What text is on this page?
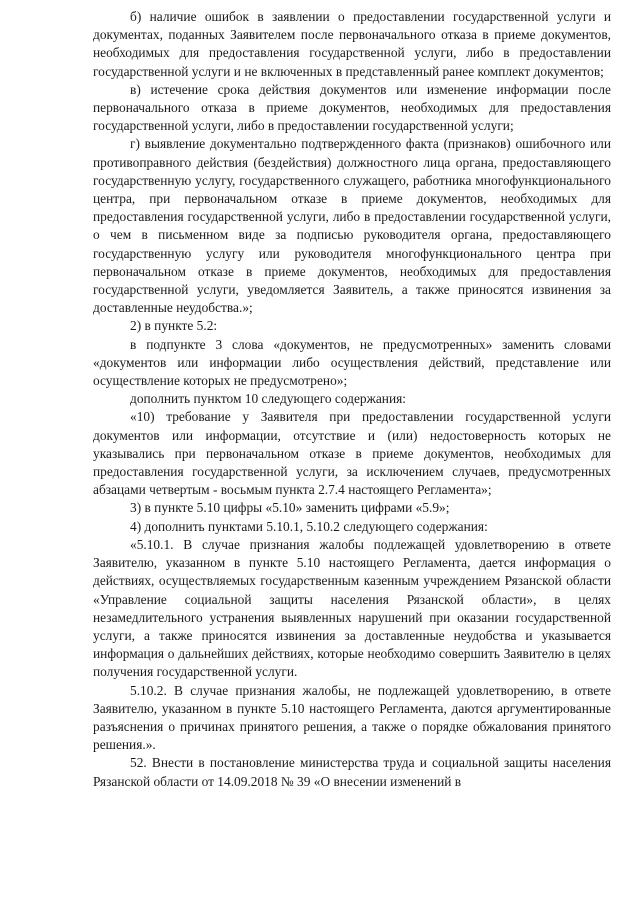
б) наличие ошибок в заявлении о предоставлении государственной услуги и документах, поданных Заявителем после первоначального отказа в приеме документов, необходимых для предоставления государственной услуги, либо в предоставлении государственной услуги и не включенных в представленный ранее комплект документов;

в) истечение срока действия документов или изменение информации после первоначального отказа в приеме документов, необходимых для предоставления государственной услуги, либо в предоставлении государственной услуги;

г) выявление документально подтвержденного факта (признаков) ошибочного или противоправного действия (бездействия) должностного лица органа, предоставляющего государственную услугу, государственного служащего, работника многофункционального центра, при первоначальном отказе в приеме документов, необходимых для предоставления государственной услуги, либо в предоставлении государственной услуги, о чем в письменном виде за подписью руководителя органа, предоставляющего государственную услугу или руководителя многофункционального центра при первоначальном отказе в приеме документов, необходимых для предоставления государственной услуги, уведомляется Заявитель, а также приносятся извинения за доставленные неудобства.»;

2) в пункте 5.2:

в подпункте 3 слова «документов, не предусмотренных» заменить словами «документов или информации либо осуществления действий, представление или осуществление которых не предусмотрено»;

дополнить пунктом 10 следующего содержания:

«10) требование у Заявителя при предоставлении государственной услуги документов или информации, отсутствие и (или) недостоверность которых не указывались при первоначальном отказе в приеме документов, необходимых для предоставления государственной услуги, за исключением случаев, предусмотренных абзацами четвертым - восьмым пункта 2.7.4 настоящего Регламента»;

3) в пункте 5.10 цифры «5.10» заменить цифрами «5.9»;

4) дополнить пунктами 5.10.1, 5.10.2 следующего содержания:

«5.10.1. В случае признания жалобы подлежащей удовлетворению в ответе Заявителю, указанном в пункте 5.10 настоящего Регламента, дается информация о действиях, осуществляемых государственным казенным учреждением Рязанской области «Управление социальной защиты населения Рязанской области», в целях незамедлительного устранения выявленных нарушений при оказании государственной услуги, а также приносятся извинения за доставленные неудобства и указывается информация о дальнейших действиях, которые необходимо совершить Заявителю в целях получения государственной услуги.

5.10.2. В случае признания жалобы, не подлежащей удовлетворению, в ответе Заявителю, указанном в пункте 5.10 настоящего Регламента, даются аргументированные разъяснения о причинах принятого решения, а также о порядке обжалования принятого решения.».

52. Внести в постановление министерства труда и социальной защиты населения Рязанской области от 14.09.2018 № 39 «О внесении изменений в
